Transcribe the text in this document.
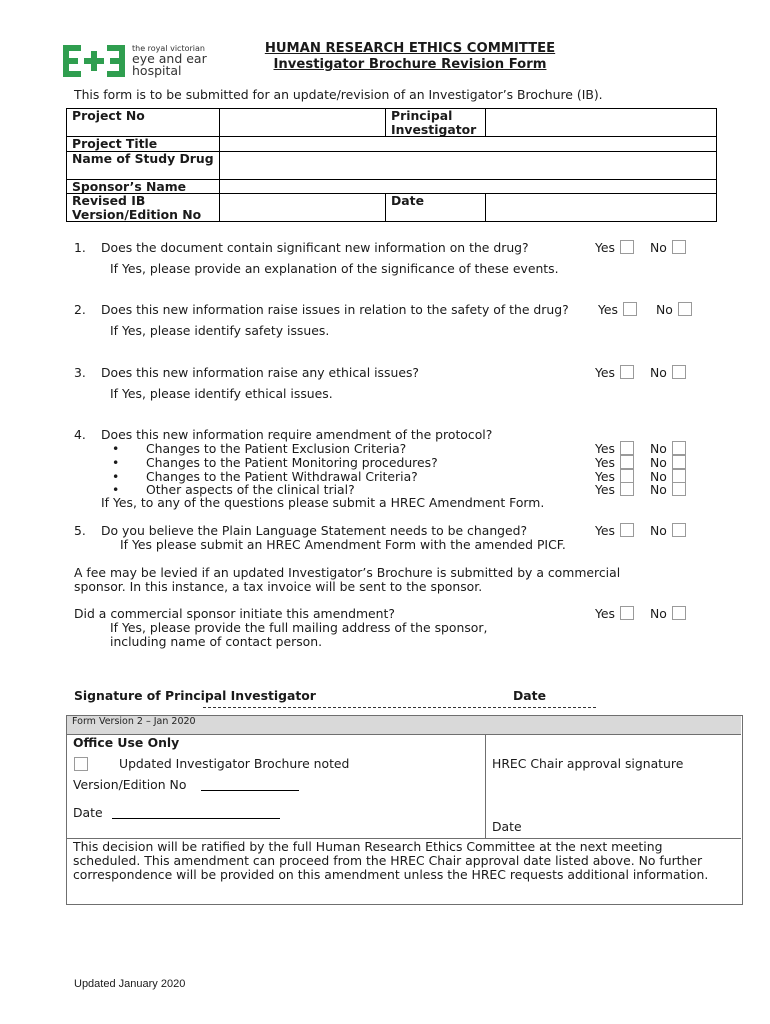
the royal victorian
eye and ear
hospital
HUMAN RESEARCH ETHICS COMMITTEE
Investigator Brochure Revision Form
This form is to be submitted for an update/revision of an Investigator’s Brochure (IB).
Project No		Principal Investigator	
Project Title			
Name of Study Drug			
Sponsor’s Name			
Revised IB Version/Edition No		Date	
1. Does the document contain significant new information on the drug?	Yes	No
If Yes, please provide an explanation of the significance of these events.
2. Does this new information raise issues in relation to the safety of the drug? Yes	No
If Yes, please identify safety issues.
3. Does this new information raise any ethical issues?	Yes	No
If Yes, please identify ethical issues.
4. Does this new information require amendment of the protocol?
• Changes to the Patient Exclusion Criteria?	Yes	No
• Changes to the Patient Monitoring procedures?	Yes	No
• Changes to the Patient Withdrawal Criteria?	Yes	No
• Other aspects of the clinical trial?	Yes	No
If Yes, to any of the questions please submit a HREC Amendment Form.
5. Do you believe the Plain Language Statement needs to be changed?	Yes	No
If Yes please submit an HREC Amendment Form with the amended PICF.
A fee may be levied if an updated Investigator’s Brochure is submitted by a commercial
sponsor. In this instance, a tax invoice will be sent to the sponsor.
Did a commercial sponsor initiate this amendment?	Yes	No
If Yes, please provide the full mailing address of the sponsor,
including name of contact person.
Signature of Principal Investigator	Date
Form Version 2 – Jan 2020
Office Use Only
Updated Investigator Brochure noted
Version/Edition No
Date
HREC Chair approval signature
Date
This decision will be ratified by the full Human Research Ethics Committee at the next meeting scheduled. This amendment can proceed from the HREC Chair approval date listed above. No further correspondence will be provided on this amendment unless the HREC requests additional information.
Updated January 2020
